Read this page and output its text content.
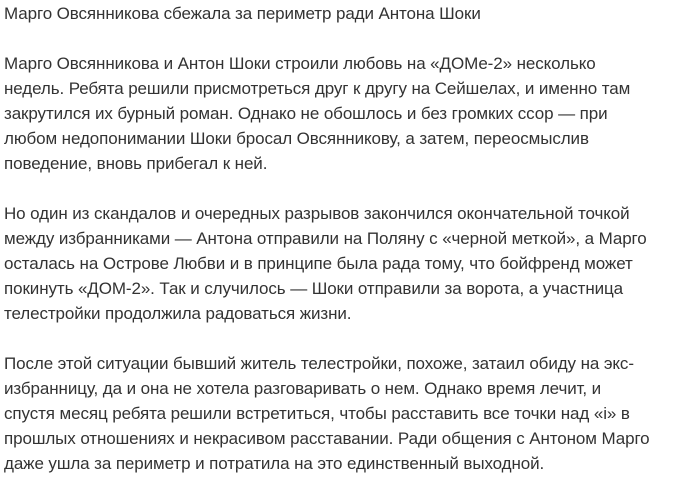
Марго Овсянникова сбежала за периметр ради Антона Шоки

Марго Овсянникова и Антон Шоки строили любовь на «ДОМе-2» несколько
недель. Ребята решили присмотреться друг к другу на Сейшелах, и именно там
закрутился их бурный роман. Однако не обошлось и без громких ссор — при
любом недопонимании Шоки бросал Овсянникову, а затем, переосмыслив
поведение, вновь прибегал к ней.

Но один из скандалов и очередных разрывов закончился окончательной точкой
между избранниками — Антона отправили на Поляну с «черной меткой», а Марго
осталась на Острове Любви и в принципе была рада тому, что бойфренд может
покинуть «ДОМ-2». Так и случилось — Шоки отправили за ворота, а участница
телестройки продолжила радоваться жизни.

После этой ситуации бывший житель телестройки, похоже, затаил обиду на экс-
избранницу, да и она не хотела разговаривать о нем. Однако время лечит, и
спустя месяц ребята решили встретиться, чтобы расставить все точки над «i» в
прошлых отношениях и некрасивом расставании. Ради общения с Антоном Марго
даже ушла за периметр и потратила на это единственный выходной.
